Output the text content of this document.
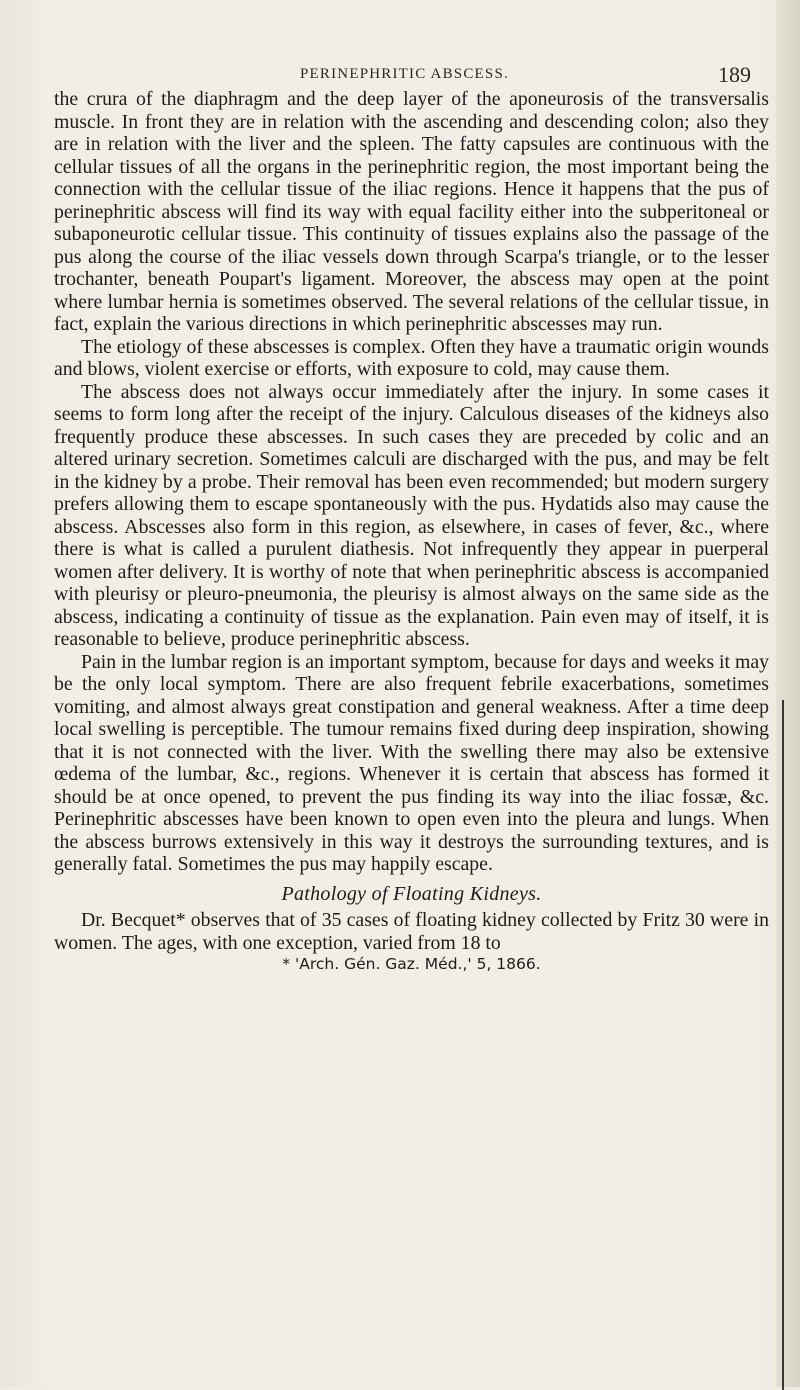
PERINEPHRITIC ABSCESS.	189

the crura of the diaphragm and the deep layer of the aponeurosis of the transversalis muscle. In front they are in relation with the ascending and descending colon; also they are in relation with the liver and the spleen. The fatty capsules are continuous with the cellular tissues of all the organs in the perinephritic region, the most important being the connection with the cellular tissue of the iliac regions. Hence it happens that the pus of perinephritic abscess will find its way with equal facility either into the subperitoneal or subaponeurotic cellular tissue. This continuity of tissues explains also the passage of the pus along the course of the iliac vessels down through Scarpa's triangle, or to the lesser trochanter, beneath Poupart's ligament. Moreover, the abscess may open at the point where lumbar hernia is sometimes observed. The several relations of the cellular tissue, in fact, explain the various directions in which perinephritic abscesses may run.

The etiology of these abscesses is complex. Often they have a traumatic origin wounds and blows, violent exercise or efforts, with exposure to cold, may cause them.

The abscess does not always occur immediately after the injury. In some cases it seems to form long after the receipt of the injury. Calculous diseases of the kidneys also frequently produce these abscesses. In such cases they are preceded by colic and an altered urinary secretion. Sometimes calculi are discharged with the pus, and may be felt in the kidney by a probe. Their removal has been even recommended; but modern surgery prefers allowing them to escape spontaneously with the pus. Hydatids also may cause the abscess. Abscesses also form in this region, as elsewhere, in cases of fever, &c., where there is what is called a purulent diathesis. Not infrequently they appear in puerperal women after delivery. It is worthy of note that when perinephritic abscess is accompanied with pleurisy or pleuro-pneumonia, the pleurisy is almost always on the same side as the abscess, indicating a continuity of tissue as the explanation. Pain even may of itself, it is reasonable to believe, produce perinephritic abscess.

Pain in the lumbar region is an important symptom, because for days and weeks it may be the only local symptom. There are also frequent febrile exacerbations, sometimes vomiting, and almost always great constipation and general weakness. After a time deep local swelling is perceptible. The tumour remains fixed during deep inspiration, showing that it is not connected with the liver. With the swelling there may also be extensive œdema of the lumbar, &c., regions. Whenever it is certain that abscess has formed it should be at once opened, to prevent the pus finding its way into the iliac fossæ, &c. Perinephritic abscesses have been known to open even into the pleura and lungs. When the abscess burrows extensively in this way it destroys the surrounding textures, and is generally fatal. Sometimes the pus may happily escape.

Pathology of Floating Kidneys.

Dr. Becquet* observes that of 35 cases of floating kidney collected by Fritz 30 were in women. The ages, with one exception, varied from 18 to

* 'Arch. Gén. Gaz. Méd.,' 5, 1866.
